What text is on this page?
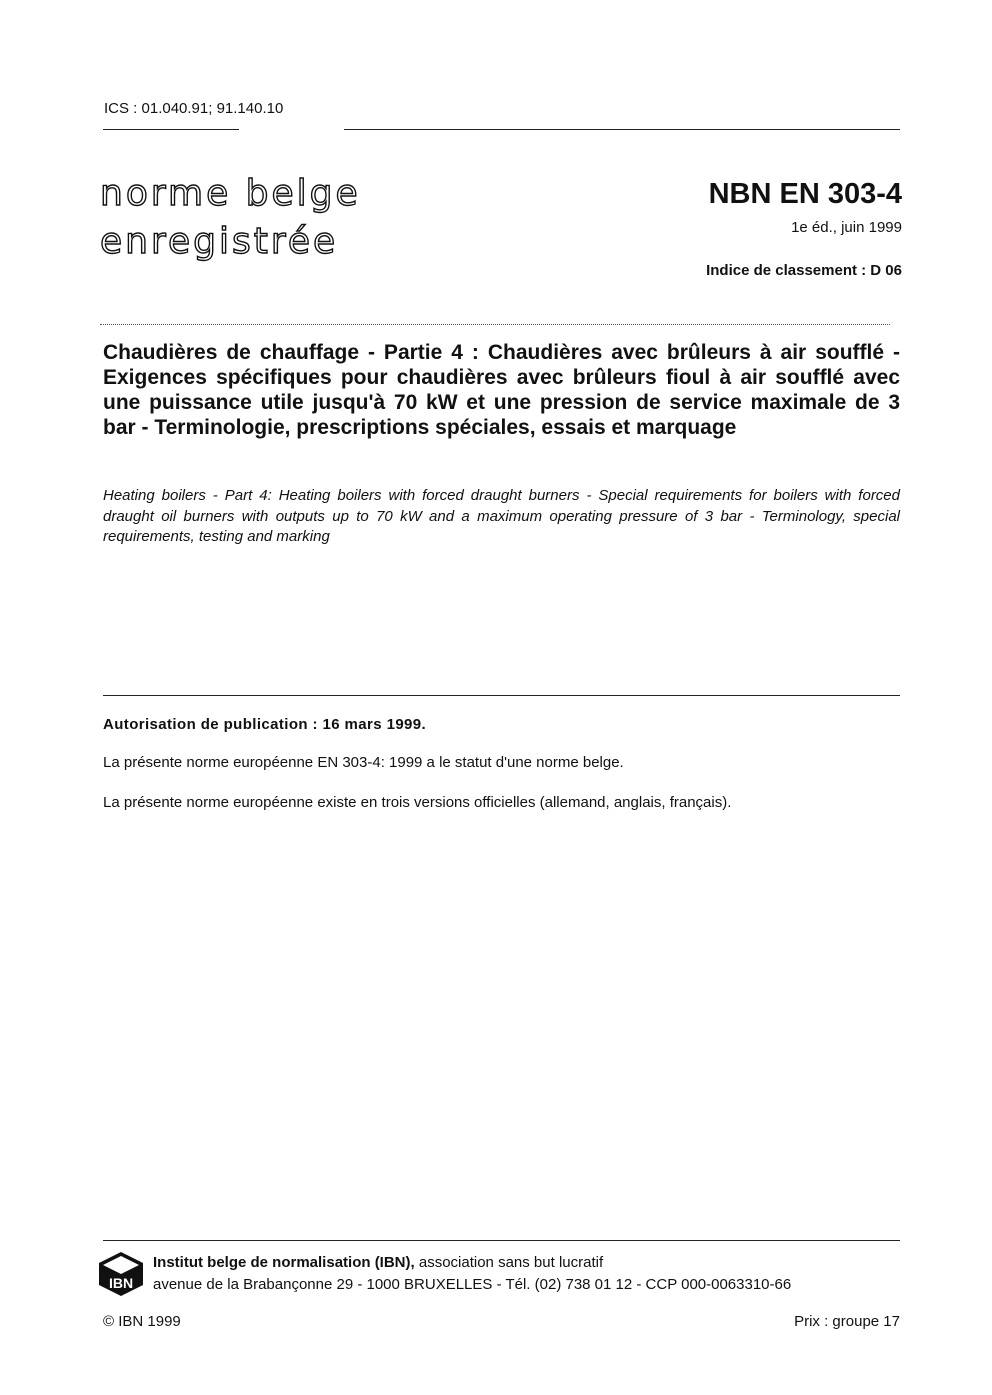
ICS : 01.040.91; 91.140.10
norme belge
enregistrée
NBN EN 303-4
1e éd., juin 1999
Indice de classement : D 06
Chaudières de chauffage - Partie 4 : Chaudières avec brûleurs à air soufflé - Exigences spécifiques pour chaudières avec brûleurs fioul à air soufflé avec une puissance utile jusqu'à 70 kW et une pression de service maximale de 3 bar - Terminologie, prescriptions spéciales, essais et marquage
Heating boilers - Part 4: Heating boilers with forced draught burners - Special requirements for boilers with forced draught oil burners with outputs up to 70 kW and a maximum operating pressure of 3 bar - Terminology, special requirements, testing and marking
Autorisation de publication : 16 mars 1999.
La présente norme européenne EN 303-4: 1999 a le statut d'une norme belge.
La présente norme européenne existe en trois versions officielles (allemand, anglais, français).
IBN
Institut belge de normalisation (IBN), association sans but lucratif
avenue de la Brabançonne 29 - 1000 BRUXELLES - Tél. (02) 738 01 12 - CCP 000-0063310-66
© IBN 1999	Prix : groupe 17
